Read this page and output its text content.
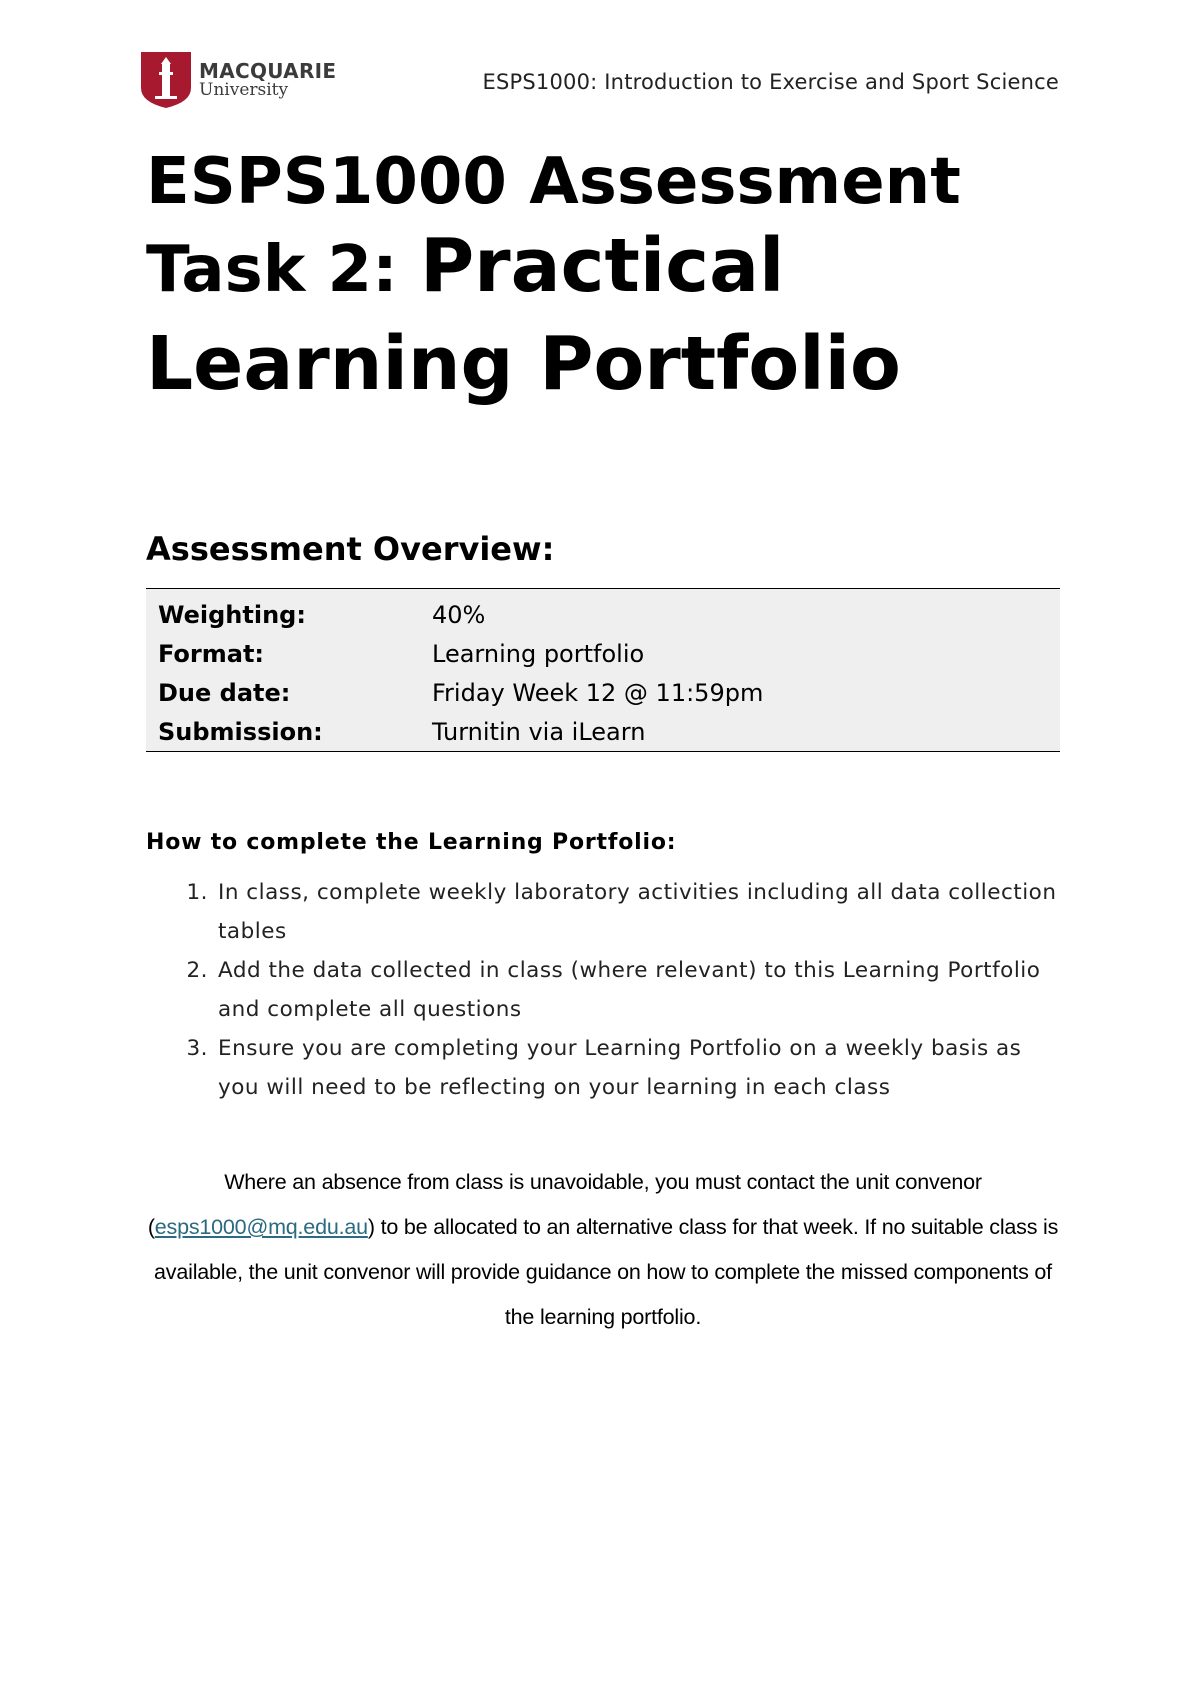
MACQUARIE
University	ESPS1000: Introduction to Exercise and Sport Science
ESPS1000 Assessment
Task 2: Practical
Learning Portfolio
Assessment Overview:
Weighting:	40%
Format:	Learning portfolio
Due date:	Friday Week 12 @ 11:59pm
Submission:	Turnitin via iLearn
How to complete the Learning Portfolio:
1. In class, complete weekly laboratory activities including all data collection tables
2. Add the data collected in class (where relevant) to this Learning Portfolio and complete all questions
3. Ensure you are completing your Learning Portfolio on a weekly basis as you will need to be reflecting on your learning in each class

Where an absence from class is unavoidable, you must contact the unit convenor (esps1000@mq.edu.au) to be allocated to an alternative class for that week. If no suitable class is available, the unit convenor will provide guidance on how to complete the missed components of the learning portfolio.
